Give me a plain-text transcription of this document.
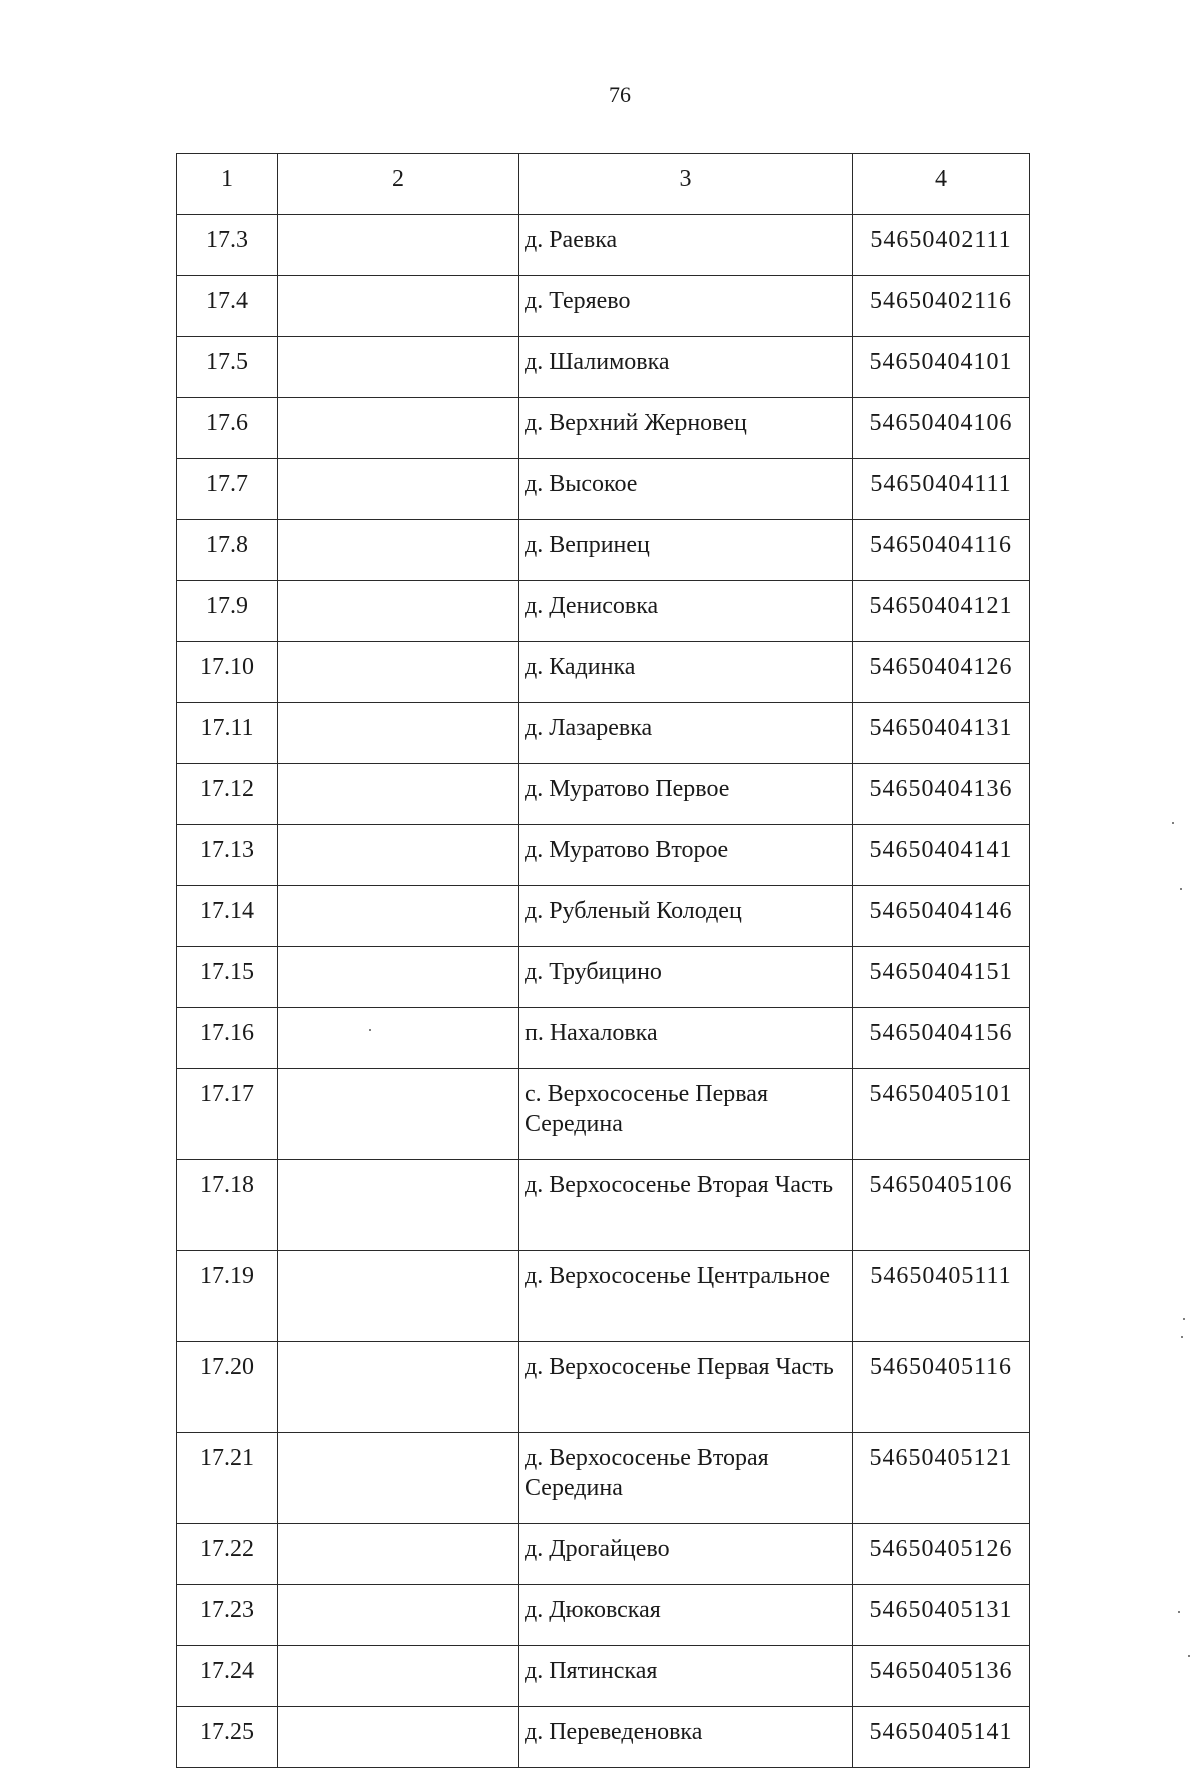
76
1	2	3	4
17.3		д. Раевка	54650402111
17.4		д. Теряево	54650402116
17.5		д. Шалимовка	54650404101
17.6		д. Верхний Жерновец	54650404106
17.7		д. Высокое	54650404111
17.8		д. Вепринец	54650404116
17.9		д. Денисовка	54650404121
17.10		д. Кадинка	54650404126
17.11		д. Лазаревка	54650404131
17.12		д. Муратово Первое	54650404136
17.13		д. Муратово Вторoе	54650404141
17.14		д. Рубленый Колодец	54650404146
17.15		д. Трубицино	54650404151
17.16		п. Нахаловка	54650404156
17.17		с. Верхососенье Первая Середина	54650405101
17.18		д. Верхососенье Вторая Часть	54650405106
17.19		д. Верхососенье Центральное	54650405111
17.20		д. Верхососенье Первая Часть	54650405116
17.21		д. Верхососенье Вторая Середина	54650405121
17.22		д. Дрогайцево	54650405126
17.23		д. Дюковская	54650405131
17.24		д. Пятинская	54650405136
17.25		д. Переведеновка	54650405141
